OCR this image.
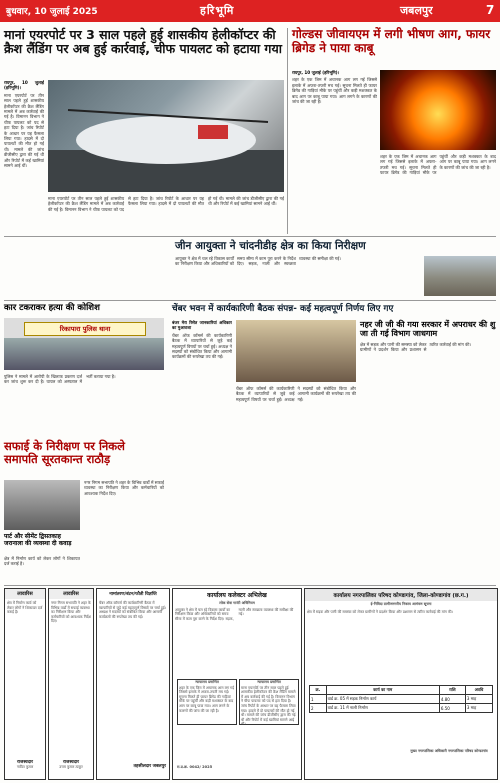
बुधवार, 10 जुलाई 2025	हरिभूमि	जबलपुर	7
मानां एयरपोर्ट पर 3 साल पहले हुई शासकीय हेलीकॉप्टर की क्रैश लैंडिंग पर अब हुई कार्रवाई, चीफ पायलट को हटाया गया

रायपुर, 10 जुलाई (हरिभूमि)।

माना एयरपोर्ट पर तीन साल पहले हुई शासकीय हेलीकॉप्टर की क्रैश लैंडिंग मामले में अब कार्रवाई की गई है। विमानन विभाग ने चीफ पायलट को पद से हटा दिया है। जांच रिपोर्ट के आधार पर यह फैसला लिया गया। हादसे में दो पायलटों की मौत हो गई थी। मामले की जांच डीजीसीए द्वारा की गई थी और रिपोर्ट में कई खामियां सामने आई थीं।

माना एयरपोर्ट पर तीन साल पहले हुई शासकीय हेलीकॉप्टर की क्रैश लैंडिंग मामले में अब कार्रवाई की गई है। विमानन विभाग ने चीफ पायलट को पद से हटा दिया है। जांच रिपोर्ट के आधार पर यह फैसला लिया गया। हादसे में दो पायलटों की मौत हो गई थी। मामले की जांच डीजीसीए द्वारा की गई थी और रिपोर्ट में कई खामियां सामने आई थीं।
गोल्डस जीवायएम में लगी भीषण आग, फायर ब्रिगेड ने पाया काबू

रायपुर, 10 जुलाई (हरिभूमि)।

शहर के एक जिम में अचानक आग लग गई जिससे इलाके में अफरा-तफरी मच गई। सूचना मिलते ही फायर ब्रिगेड की गाड़ियां मौके पर पहुंचीं और कड़ी मशक्कत के बाद आग पर काबू पाया गया। आग लगने के कारणों की जांच की जा रही है।

शहर के एक जिम में अचानक आग लग गई जिससे इलाके में अफरा-तफरी मच गई। सूचना मिलते ही फायर ब्रिगेड की गाड़ियां मौके पर पहुंचीं और कड़ी मशक्कत के बाद आग पर काबू पाया गया। आग लगने के कारणों की जांच की जा रही है।
जीन आयुक्ता ने चांदनीडीह क्षेत्र का किया निरीक्षण
आयुक्त ने क्षेत्र में चल रहे विकास कार्यों का निरीक्षण किया और अधिकारियों को समय सीमा में काम पूरा करने के निर्देश दिए। सड़क, नाली और स्वच्छता व्यवस्था की समीक्षा की गई।
कार टकराकर हत्या की कोशिश
रिकापारा पुलिस थाना
पुलिस ने मामले में आरोपी के खिलाफ प्रकरण दर्ज कर जांच शुरू कर दी है। घायल को अस्पताल में भर्ती कराया गया है।
चेंबर भवन में कार्यकारिणी बैठक संपन्न- कई महत्वपूर्ण निर्णय लिए गए

बंजर मेरा रिसेत जानकारियां अधिकार का मुआवजा

चेंबर ऑफ कॉमर्स की कार्यकारिणी बैठक में व्यापारियों से जुड़े कई महत्वपूर्ण विषयों पर चर्चा हुई। अध्यक्ष ने सदस्यों को संबोधित किया और आगामी कार्यक्रमों की रूपरेखा तय की गई।

चेंबर ऑफ कॉमर्स की कार्यकारिणी बैठक में व्यापारियों से जुड़े कई महत्वपूर्ण विषयों पर चर्चा हुई। अध्यक्ष ने सदस्यों को संबोधित किया और आगामी कार्यक्रमों की रूपरेखा तय की गई।
नहर जी जी की गया सरकार में अपराधर की शु जा ती गई विभाग जाधगाम
क्षेत्र में सड़क और पानी की समस्या को लेकर ग्रामीणों ने प्रदर्शन किया और प्रशासन से त्वरित कार्रवाई की मांग की।
सफाई के निरीक्षण पर निकले समापति सूरतकान्त राठौड़
नगर निगम सभापति ने शहर के विभिन्न वार्डों में सफाई व्यवस्था का निरीक्षण किया और कर्मचारियों को आवश्यक निर्देश दिए।
पार्ट और सीमेंट द्विसतकाह जरानाला की व्यवस्था दी कवाड़
क्षेत्र में निर्माण कार्य को लेकर लोगों ने शिकायत दर्ज कराई है।
लावारिस
क्षेत्र में निर्माण कार्य को लेकर लोगों ने शिकायत दर्ज कराई है।
राजस्वदार
नावित कुमार
लावारिस
नगर निगम सभापति ने शहर के विभिन्न वार्डों में सफाई व्यवस्था का निरीक्षण किया और कर्मचारियों को आवश्यक निर्देश दिए।
राजस्वदार
उत्तम कुमार ठाकुर
नामांतरण/बंटन/फौती विज्ञप्ति
चेंबर ऑफ कॉमर्स की कार्यकारिणी बैठक में व्यापारियों से जुड़े कई महत्वपूर्ण विषयों पर चर्चा हुई। अध्यक्ष ने सदस्यों को संबोधित किया और आगामी कार्यक्रमों की रूपरेखा तय की गई।
तहसीलदार जबलपुर
कार्यालय कलेक्टर अभिलेख
लोक सेवा गारंटी अधिनियम
आयुक्त ने क्षेत्र में चल रहे विकास कार्यों का निरीक्षण किया और अधिकारियों को समय सीमा में काम पूरा करने के निर्देश दिए। सड़क, नाली और स्वच्छता व्यवस्था की समीक्षा की गई।
न्यायालय प्रमाणित
शहर के एक जिम में अचानक आग लग गई जिससे इलाके में अफरा-तफरी मच गई। सूचना मिलते ही फायर ब्रिगेड की गाड़ियां मौके पर पहुंचीं और कड़ी मशक्कत के बाद आग पर काबू पाया गया। आग लगने के कारणों की जांच की जा रही है।
न्यायालय प्रमाणित
माना एयरपोर्ट पर तीन साल पहले हुई शासकीय हेलीकॉप्टर की क्रैश लैंडिंग मामले में अब कार्रवाई की गई है। विमानन विभाग ने चीफ पायलट को पद से हटा दिया है। जांच रिपोर्ट के आधार पर यह फैसला लिया गया। हादसे में दो पायलटों की मौत हो गई थी। मामले की जांच डीजीसीए द्वारा की गई थी और रिपोर्ट में कई खामियां सामने आई थीं।
रा.प्र.क्र. 0042/ 2025
कार्यालय नगरपालिका परिषद कोण्डागांव, जिला-कोण्डागांव (छ.ग.)
ई-निविदा ग्रामीणनगरीय निकाय आमंत्रण सूचना
क्षेत्र में सड़क और पानी की समस्या को लेकर ग्रामीणों ने प्रदर्शन किया और प्रशासन से त्वरित कार्रवाई की मांग की।
क्र.	कार्य का नाम	राशि	अवधि
1	वार्ड क्र. 05 में सड़क निर्माण कार्य	4.80	3 माह
2	वार्ड क्र. 11 में नाली निर्माण	6.50	3 माह
मुख्य नगरपालिका अधिकारी नगरपालिका परिषद कोण्डागांव
